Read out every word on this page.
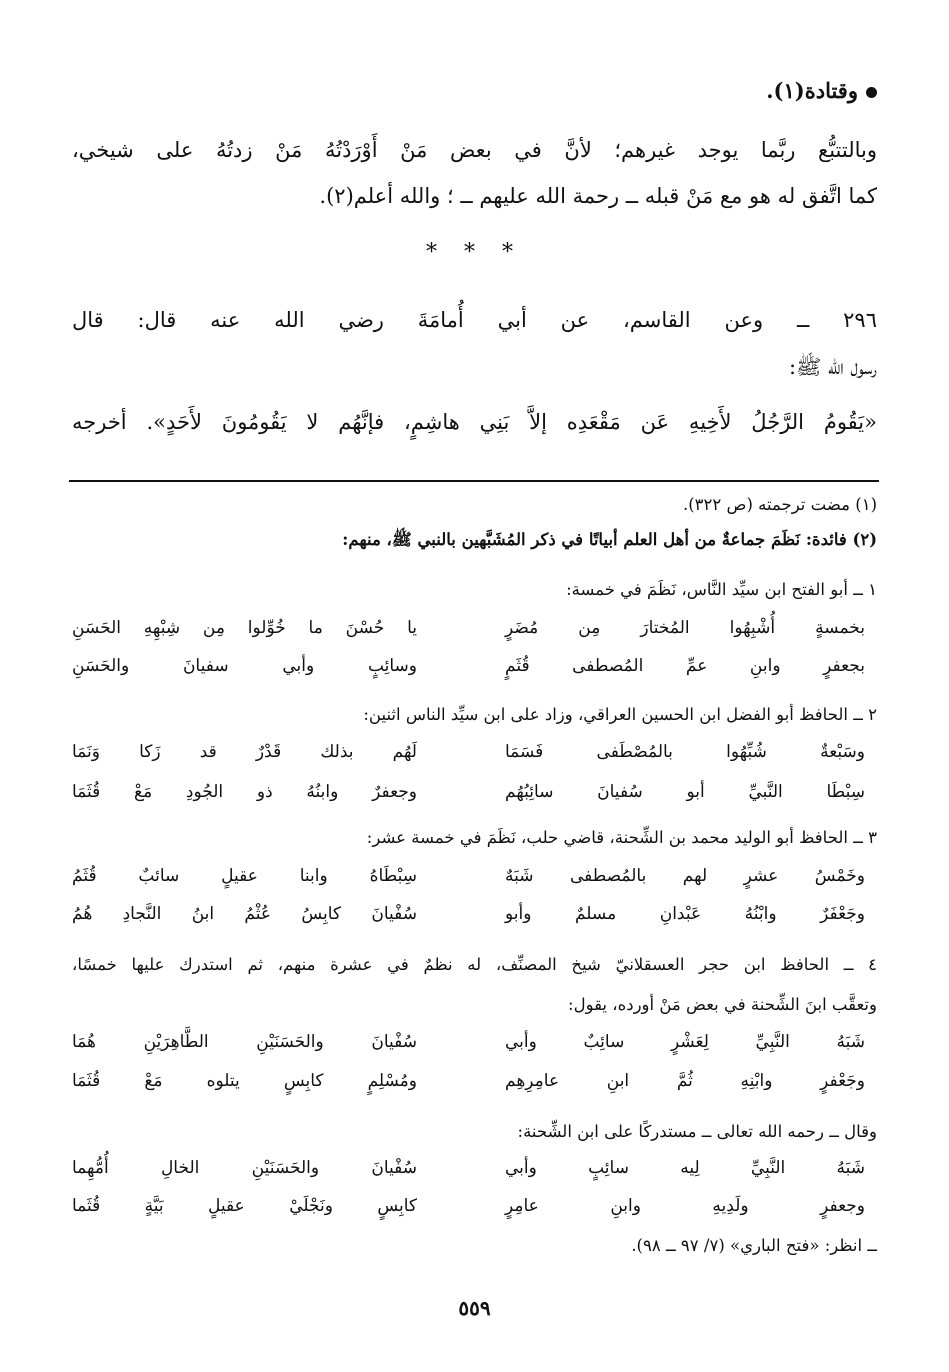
وقتادة(١).
وبالتتبُّع ربَّما يوجد غيرهم؛ لأنَّ في بعض مَنْ أَوْرَدْتُهُ مَنْ زدتُهُ على شيخي،
كما اتَّفق له هو مع مَنْ قبله ــ رحمة الله عليهم ــ ؛ والله أعلم(٢).
* * *
٢٩٦ ــ وعن القاسم، عن أبي أُمامَةَ رضي الله عنه قال: قال
رسول الله ﷺ:
«يَقُومُ الرَّجُلُ لأَخِيهِ عَن مَقْعَدِه إلاَّ بَنِي هاشِمٍ، فإنَّهُم لا يَقُومُونَ لأَحَدٍ». أخرجه
(١) مضت ترجمته (ص ٣٢٢).
(٢) فائدة: نَظَمَ جماعةٌ من أهل العلم أبياتًا في ذكر المُشَبَّهين بالنبي ﷺ، منهم:
١ ــ أبو الفتح ابن سيِّد النَّاس، نَظَمَ في خمسة:
بخمسةٍ أُشْبِهُوا المُختارَ مِن مُضَرٍ
يا حُسْنَ ما خُوِّلوا مِن شِبْهِهِ الحَسَنِ
بجعفرٍ وابنِ عمِّ المُصطفى قُثَمٍ
وسائِبٍ وأبي سفيانَ والحَسَنِ
٢ ــ الحافظ أبو الفضل ابن الحسين العراقي، وزاد على ابن سيِّد الناس اثنين:
وسَبْعةٌ شُبِّهُوا بالمُصْطَفى فَسَمَا
لَهُم بذلك قَدْرٌ قد زَكا وَنَمَا
سِبْطَا النَّبيِّ أبو سُفيانَ سائِبُهُم
وجعفرٌ وابنُهُ ذو الجُودِ مَعْ قُثَمَا
٣ ــ الحافظ أبو الوليد محمد بن الشِّحنة، قاضي حلب، نَظَمَ في خمسة عشر:
وخَمْسُ عشرٍ لهم بالمُصطفى شَبَهٌ
سِبْطَاهُ وابنا عقيلٍ سائبٌ قُثَمُ
وجَعْفَرٌ وابْنُهُ عَبْدانِ مسلمٌ وأبو
سُفْيانَ كابِسُ عُثْمُ ابنُ النَّجادِ هُمُ
٤ ــ الحافظ ابن حجر العسقلانيّ شيخ المصنِّف، له نظمٌ في عشرة منهم، ثم استدرك عليها خمسًا،
وتعقَّب ابنَ الشِّحنة في بعض مَنْ أورده، يقول:
شَبَهُ النَّبِيِّ لِعَشْرٍ سائِبٌ وأبي
سُفْيانَ والحَسَنَيْنِ الطَّاهِرَيْنِ هُمَا
وجَعْفرٍ وابْنِهِ ثُمَّ ابنِ عامِرِهِم
ومُسْلِمٍ كابِسٍ يتلوه مَعْ قُثَمَا
وقال ــ رحمه الله تعالى ــ مستدركًا على ابن الشِّحنة:
شَبَهُ النَّبِيِّ لِيه سائِبٍ وأبي
سُفْيانَ والحَسَنَيْنِ الخالِ أُمُّهِما
وجعفرٍ ولَدِيهِ وابنِ عامِرٍ
كابِسٍ ونَجْلَيْ عقيلٍ بَيَّةٍ قُثَما
ــ انظر: «فتح الباري» (٧/ ٩٧ ــ ٩٨).
٥٥٩
